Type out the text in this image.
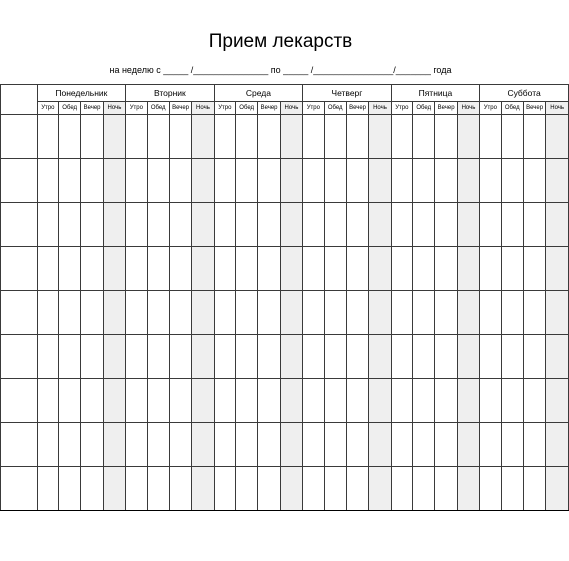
Прием лекарств
на неделю с _____ /_______________ по _____ /________________/_______ года
	Понедельник				Вторник				Среда				Четверг				Пятница				Суббота			
	Утро	Обед	Вечер	Ночь	Утро	Обед	Вечер	Ночь	Утро	Обед	Вечер	Ночь	Утро	Обед	Вечер	Ночь	Утро	Обед	Вечер	Ночь	Утро	Обед	Вечер	Ночь
